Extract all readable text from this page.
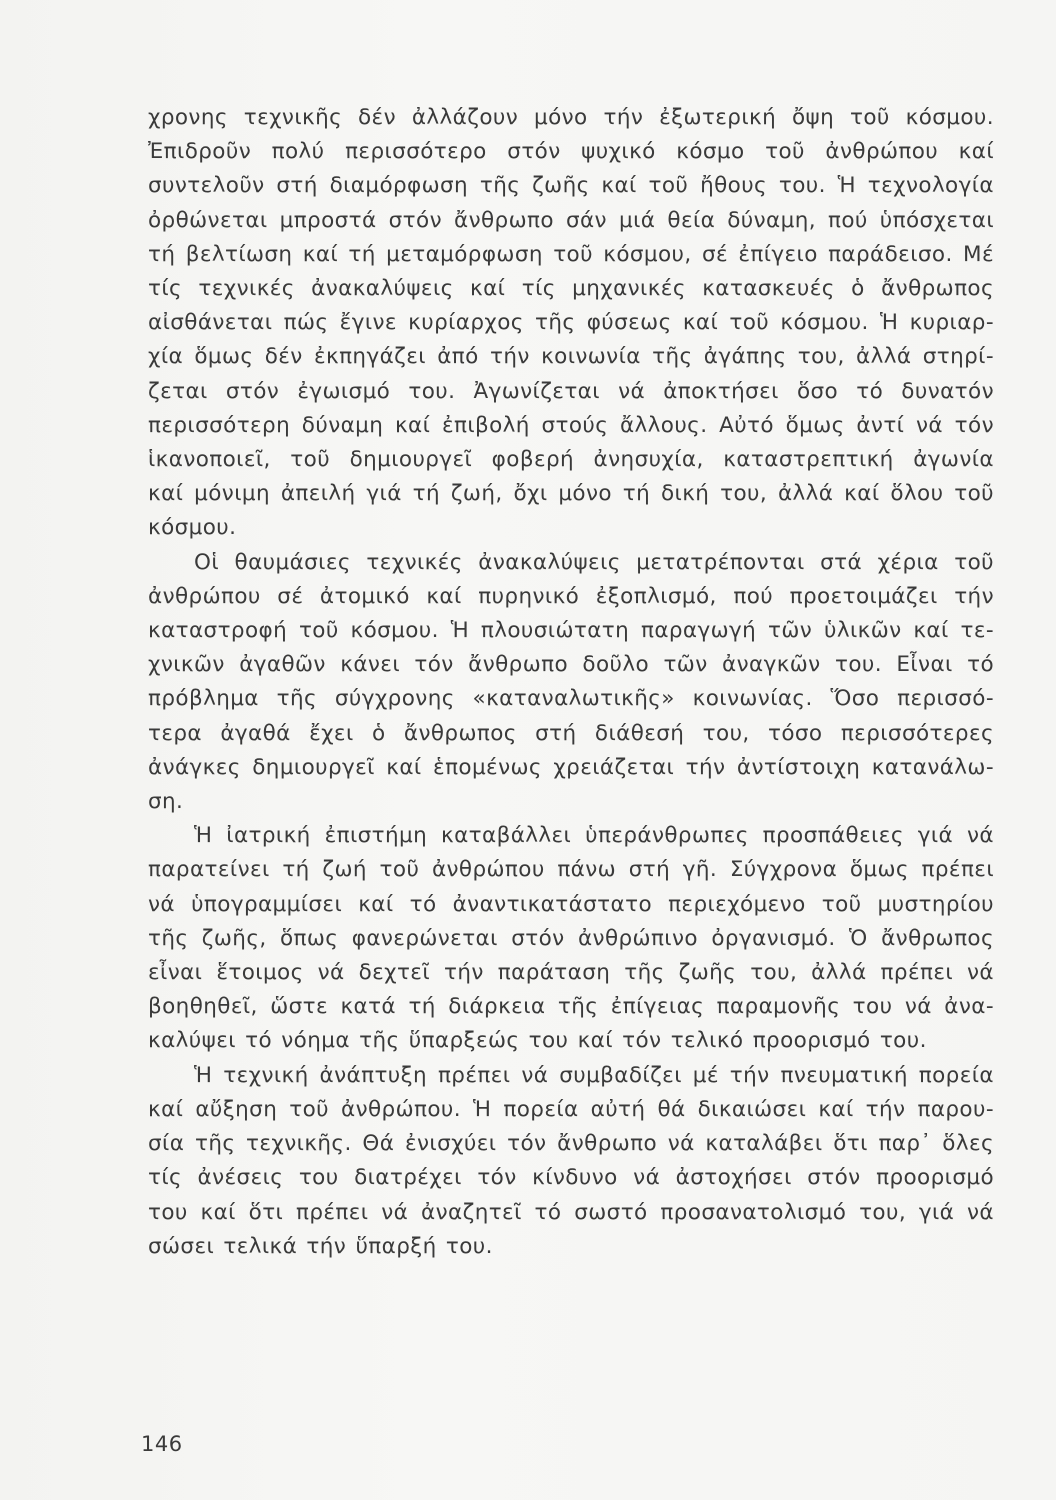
χρονης τεχνικῆς δέν ἀλλάζουν μόνο τήν ἐξωτερική ὄψη τοῦ κόσμου.
Ἐπιδροῦν πολύ περισσότερο στόν ψυχικό κόσμο τοῦ ἀνθρώπου καί
συντελοῦν στή διαμόρφωση τῆς ζωῆς καί τοῦ ἤθους του. Ἡ τεχνολογία
ὀρθώνεται μπροστά στόν ἄνθρωπο σάν μιά θεία δύναμη, πού ὑπόσχεται
τή βελτίωση καί τή μεταμόρφωση τοῦ κόσμου, σέ ἐπίγειο παράδεισο. Μέ
τίς τεχνικές ἀνακαλύψεις καί τίς μηχανικές κατασκευές ὁ ἄνθρωπος
αἰσθάνεται πώς ἔγινε κυρίαρχος τῆς φύσεως καί τοῦ κόσμου. Ἡ κυριαρ-
χία ὅμως δέν ἐκπηγάζει ἀπό τήν κοινωνία τῆς ἀγάπης του, ἀλλά στηρί-
ζεται στόν ἐγωισμό του. Ἀγωνίζεται νά ἀποκτήσει ὅσο τό δυνατόν
περισσότερη δύναμη καί ἐπιβολή στούς ἄλλους. Αὐτό ὅμως ἀντί νά τόν
ἱκανοποιεῖ, τοῦ δημιουργεῖ φοβερή ἀνησυχία, καταστρεπτική ἀγωνία
καί μόνιμη ἀπειλή γιά τή ζωή, ὄχι μόνο τή δική του, ἀλλά καί ὅλου τοῦ
κόσμου.
Οἱ θαυμάσιες τεχνικές ἀνακαλύψεις μετατρέπονται στά χέρια τοῦ
ἀνθρώπου σέ ἀτομικό καί πυρηνικό ἐξοπλισμό, πού προετοιμάζει τήν
καταστροφή τοῦ κόσμου. Ἡ πλουσιώτατη παραγωγή τῶν ὑλικῶν καί τε-
χνικῶν ἀγαθῶν κάνει τόν ἄνθρωπο δοῦλο τῶν ἀναγκῶν του. Εἶναι τό
πρόβλημα τῆς σύγχρονης «καταναλωτικῆς» κοινωνίας. Ὅσο περισσό-
τερα ἀγαθά ἔχει ὁ ἄνθρωπος στή διάθεσή του, τόσο περισσότερες
ἀνάγκες δημιουργεῖ καί ἑπομένως χρειάζεται τήν ἀντίστοιχη κατανάλω-
ση.
Ἡ ἰατρική ἐπιστήμη καταβάλλει ὑπεράνθρωπες προσπάθειες γιά νά
παρατείνει τή ζωή τοῦ ἀνθρώπου πάνω στή γῆ. Σύγχρονα ὅμως πρέπει
νά ὑπογραμμίσει καί τό ἀναντικατάστατο περιεχόμενο τοῦ μυστηρίου
τῆς ζωῆς, ὅπως φανερώνεται στόν ἀνθρώπινο ὀργανισμό. Ὁ ἄνθρωπος
εἶναι ἕτοιμος νά δεχτεῖ τήν παράταση τῆς ζωῆς του, ἀλλά πρέπει νά
βοηθηθεῖ, ὥστε κατά τή διάρκεια τῆς ἐπίγειας παραμονῆς του νά ἀνα-
καλύψει τό νόημα τῆς ὕπαρξεώς του καί τόν τελικό προορισμό του.
Ἡ τεχνική ἀνάπτυξη πρέπει νά συμβαδίζει μέ τήν πνευματική πορεία
καί αὔξηση τοῦ ἀνθρώπου. Ἡ πορεία αὐτή θά δικαιώσει καί τήν παρου-
σία τῆς τεχνικῆς. Θά ἐνισχύει τόν ἄνθρωπο νά καταλάβει ὅτι παρ᾽ ὅλες
τίς ἀνέσεις του διατρέχει τόν κίνδυνο νά ἀστοχήσει στόν προορισμό
του καί ὅτι πρέπει νά ἀναζητεῖ τό σωστό προσανατολισμό του, γιά νά
σώσει τελικά τήν ὕπαρξή του.
146
